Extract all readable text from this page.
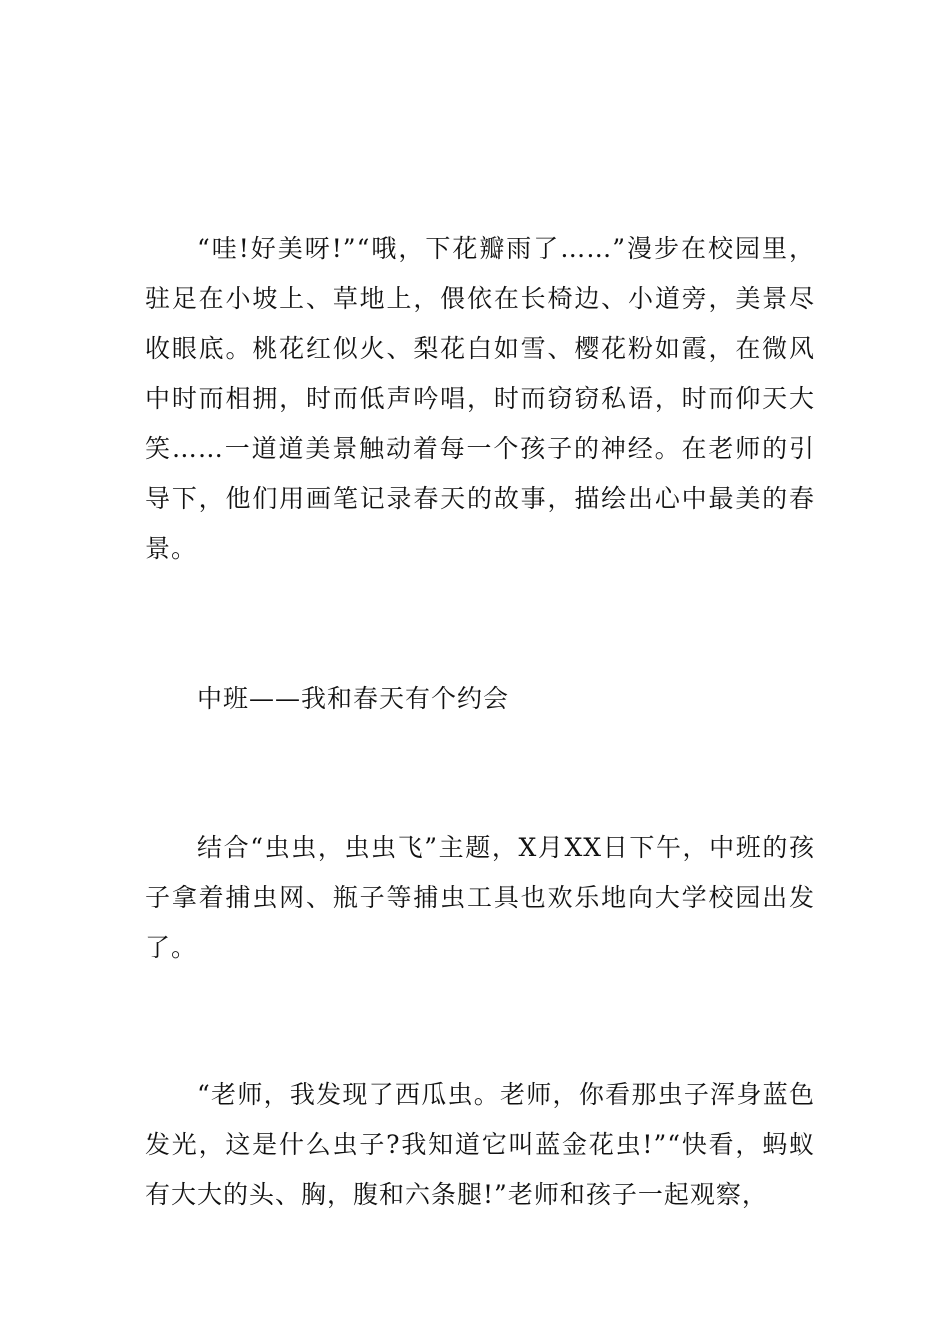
“哇!好美呀!”“哦，下花瓣雨了……”漫步在校园里，驻足在小坡上、草地上，偎依在长椅边、小道旁，美景尽收眼底。桃花红似火、梨花白如雪、樱花粉如霞，在微风中时而相拥，时而低声吟唱，时而窃窃私语，时而仰天大笑……一道道美景触动着每一个孩子的神经。在老师的引导下，他们用画笔记录春天的故事，描绘出心中最美的春景。

中班——我和春天有个约会

结合“虫虫，虫虫飞”主题，X月XX日下午，中班的孩子拿着捕虫网、瓶子等捕虫工具也欢乐地向大学校园出发了。

“老师，我发现了西瓜虫。老师，你看那虫子浑身蓝色发光，这是什么虫子?我知道它叫蓝金花虫!”“快看，蚂蚁有大大的头、胸，腹和六条腿!”老师和孩子一起观察，
